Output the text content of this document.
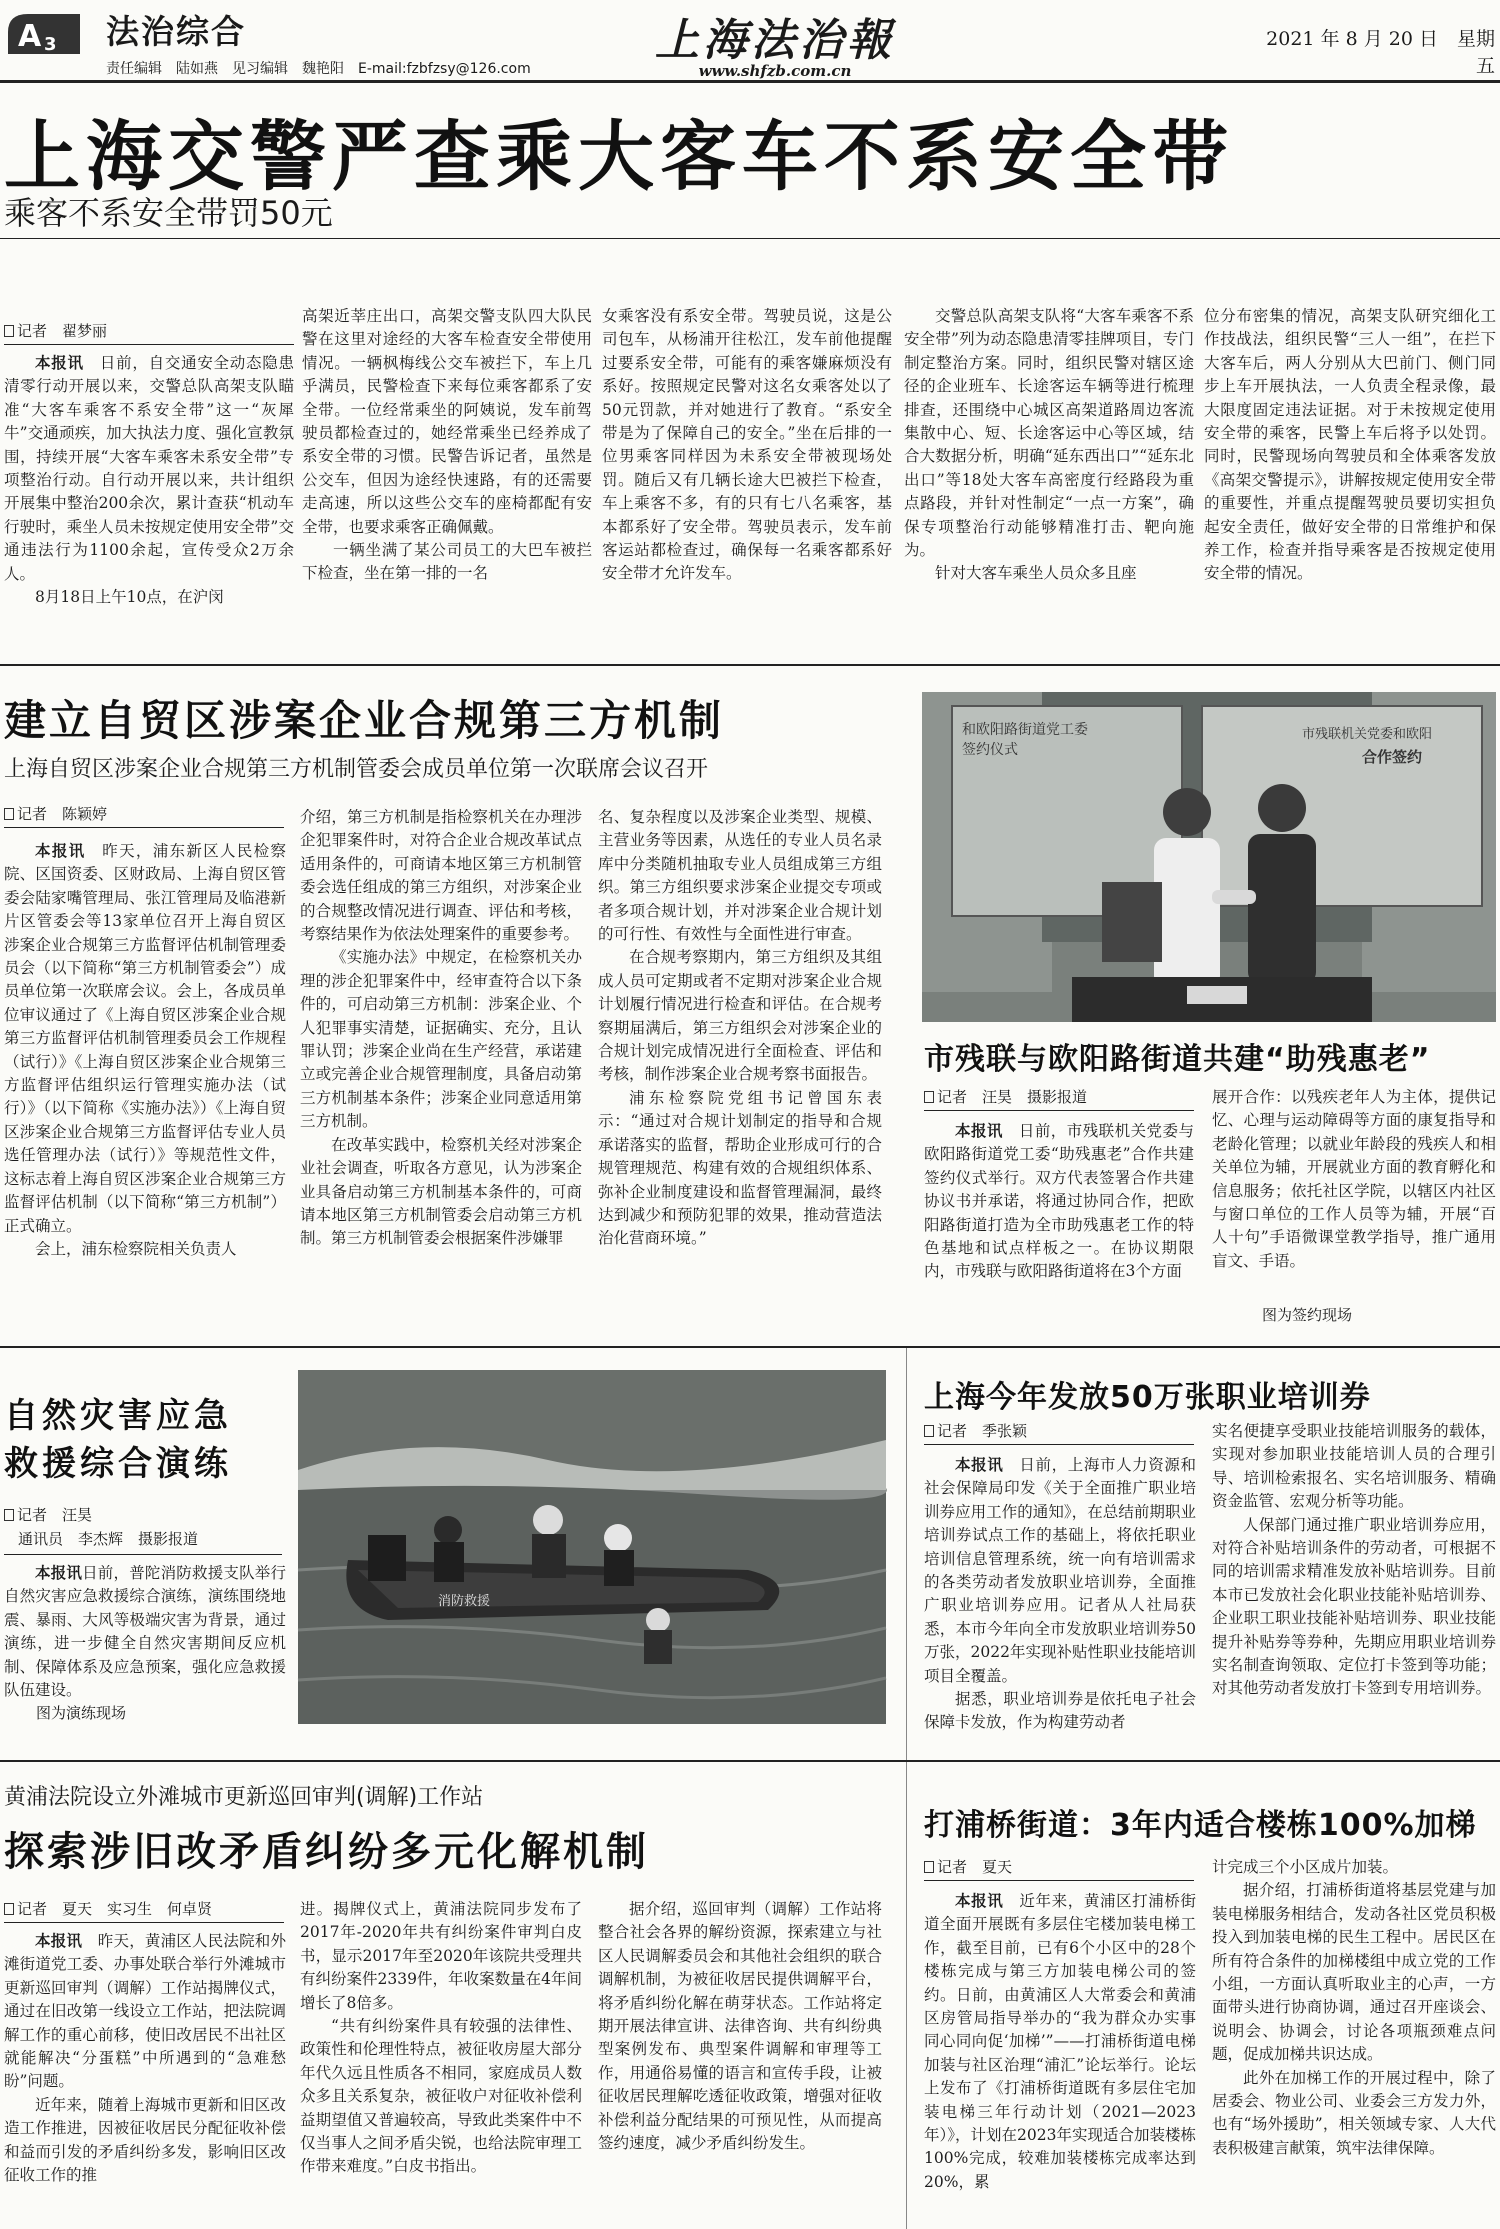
A 3 法治综合
责任编辑　陆如燕　见习编辑　魏艳阳　E-mail:fzbfzsy@126.com
上海法治報
www.shfzb.com.cn
2021 年 8 月 20 日　星期五
上海交警严查乘大客车不系安全带
乘客不系安全带罚50元
记者　翟梦丽

本报讯　日前，自交通安全动态隐患清零行动开展以来，交警总队高架支队瞄准“大客车乘客不系安全带”这一“灰犀牛”交通顽疾，加大执法力度、强化宣教氛围，持续开展“大客车乘客未系安全带”专项整治行动。自行动开展以来，共计组织开展集中整治200余次，累计查获“机动车行驶时，乘坐人员未按规定使用安全带”交通违法行为1100余起，宣传受众2万余人。

8月18日上午10点，在沪闵

高架近莘庄出口，高架交警支队四大队民警在这里对途经的大客车检查安全带使用情况。一辆枫梅线公交车被拦下，车上几乎满员，民警检查下来每位乘客都系了安全带。一位经常乘坐的阿姨说，发车前驾驶员都检查过的，她经常乘坐已经养成了系安全带的习惯。民警告诉记者，虽然是公交车，但因为途经快速路，有的还需要走高速，所以这些公交车的座椅都配有安全带，也要求乘客正确佩戴。

一辆坐满了某公司员工的大巴车被拦下检查，坐在第一排的一名

女乘客没有系安全带。驾驶员说，这是公司包车，从杨浦开往松江，发车前他提醒过要系安全带，可能有的乘客嫌麻烦没有系好。按照规定民警对这名女乘客处以了50元罚款，并对她进行了教育。“系安全带是为了保障自己的安全。”坐在后排的一位男乘客同样因为未系安全带被现场处罚。随后又有几辆长途大巴被拦下检查，车上乘客不多，有的只有七八名乘客，基本都系好了安全带。驾驶员表示，发车前客运站都检查过，确保每一名乘客都系好安全带才允许发车。

交警总队高架支队将“大客车乘客不系安全带”列为动态隐患清零挂牌项目，专门制定整治方案。同时，组织民警对辖区途径的企业班车、长途客运车辆等进行梳理排查，还围绕中心城区高架道路周边客流集散中心、短、长途客运中心等区域，结合大数据分析，明确“延东西出口”“延东北出口”等18处大客车高密度行经路段为重点路段，并针对性制定“一点一方案”，确保专项整治行动能够精准打击、靶向施为。

针对大客车乘坐人员众多且座

位分布密集的情况，高架支队研究细化工作技战法，组织民警“三人一组”，在拦下大客车后，两人分别从大巴前门、侧门同步上车开展执法，一人负责全程录像，最大限度固定违法证据。对于未按规定使用安全带的乘客，民警上车后将予以处罚。同时，民警现场向驾驶员和全体乘客发放《高架交警提示》，讲解按规定使用安全带的重要性，并重点提醒驾驶员要切实担负起安全责任，做好安全带的日常维护和保养工作，检查并指导乘客是否按规定使用安全带的情况。

建立自贸区涉案企业合规第三方机制
上海自贸区涉案企业合规第三方机制管委会成员单位第一次联席会议召开
记者　陈颖婷

本报讯　昨天，浦东新区人民检察院、区国资委、区财政局、上海自贸区管委会陆家嘴管理局、张江管理局及临港新片区管委会等13家单位召开上海自贸区涉案企业合规第三方监督评估机制管理委员会（以下简称“第三方机制管委会”）成员单位第一次联席会议。会上，各成员单位审议通过了《上海自贸区涉案企业合规第三方监督评估机制管理委员会工作规程（试行）》《上海自贸区涉案企业合规第三方监督评估组织运行管理实施办法（试行）》（以下简称《实施办法》）《上海自贸区涉案企业合规第三方监督评估专业人员选任管理办法（试行）》等规范性文件，这标志着上海自贸区涉案企业合规第三方监督评估机制（以下简称“第三方机制”）正式确立。

会上，浦东检察院相关负责人

介绍，第三方机制是指检察机关在办理涉企犯罪案件时，对符合企业合规改革试点适用条件的，可商请本地区第三方机制管委会选任组成的第三方组织，对涉案企业的合规整改情况进行调查、评估和考核，考察结果作为依法处理案件的重要参考。

《实施办法》中规定，在检察机关办理的涉企犯罪案件中，经审查符合以下条件的，可启动第三方机制：涉案企业、个人犯罪事实清楚，证据确实、充分，且认罪认罚；涉案企业尚在生产经营，承诺建立或完善企业合规管理制度，具备启动第三方机制基本条件；涉案企业同意适用第三方机制。

在改革实践中，检察机关经对涉案企业社会调查，听取各方意见，认为涉案企业具备启动第三方机制基本条件的，可商请本地区第三方机制管委会启动第三方机制。第三方机制管委会根据案件涉嫌罪

名、复杂程度以及涉案企业类型、规模、主营业务等因素，从选任的专业人员名录库中分类随机抽取专业人员组成第三方组织。第三方组织要求涉案企业提交专项或者多项合规计划，并对涉案企业合规计划的可行性、有效性与全面性进行审查。

在合规考察期内，第三方组织及其组成人员可定期或者不定期对涉案企业合规计划履行情况进行检查和评估。在合规考察期届满后，第三方组织会对涉案企业的合规计划完成情况进行全面检查、评估和考核，制作涉案企业合规考察书面报告。

浦东检察院党组书记曾国东表示：“通过对合规计划制定的指导和合规承诺落实的监督，帮助企业形成可行的合规管理规范、构建有效的合规组织体系、弥补企业制度建设和监督管理漏洞，最终达到减少和预防犯罪的效果，推动营造法治化营商环境。”

和欧阳路街道党工委
签约仪式
市残联机关党委和欧阳
合作签约
市残联与欧阳路街道共建“助残惠老”
记者　汪昊　摄影报道

本报讯　日前，市残联机关党委与欧阳路街道党工委“助残惠老”合作共建签约仪式举行。双方代表签署合作共建协议书并承诺，将通过协同合作，把欧阳路街道打造为全市助残惠老工作的特色基地和试点样板之一。在协议期限内，市残联与欧阳路街道将在3个方面

展开合作：以残疾老年人为主体，提供记忆、心理与运动障碍等方面的康复指导和老龄化管理；以就业年龄段的残疾人和相关单位为辅，开展就业方面的教育孵化和信息服务；依托社区学院，以辖区内社区与窗口单位的工作人员等为辅，开展“百人十句”手语微课堂教学指导，推广通用盲文、手语。

图为签约现场
自然灾害应急
救援综合演练
记者　汪昊
通讯员　李杰辉　摄影报道

本报讯日前，普陀消防救援支队举行自然灾害应急救援综合演练，演练围绕地震、暴雨、大风等极端灾害为背景，通过演练，进一步健全自然灾害期间反应机制、保障体系及应急预案，强化应急救援队伍建设。

图为演练现场
消防救援
上海今年发放50万张职业培训券
记者　季张颖

本报讯　日前，上海市人力资源和社会保障局印发《关于全面推广职业培训券应用工作的通知》，在总结前期职业培训券试点工作的基础上，将依托职业培训信息管理系统，统一向有培训需求的各类劳动者发放职业培训券，全面推广职业培训券应用。记者从人社局获悉，本市今年向全市发放职业培训券50万张，2022年实现补贴性职业技能培训项目全覆盖。

据悉，职业培训券是依托电子社会保障卡发放，作为构建劳动者

实名便捷享受职业技能培训服务的载体，实现对参加职业技能培训人员的合理引导、培训检索报名、实名培训服务、精确资金监管、宏观分析等功能。

人保部门通过推广职业培训券应用，对符合补贴培训条件的劳动者，可根据不同的培训需求精准发放补贴培训券。目前本市已发放社会化职业技能补贴培训券、企业职工职业技能补贴培训券、职业技能提升补贴券等券种，先期应用职业培训券实名制查询领取、定位打卡签到等功能；对其他劳动者发放打卡签到专用培训券。

黄浦法院设立外滩城市更新巡回审判(调解)工作站
探索涉旧改矛盾纠纷多元化解机制
记者　夏天　实习生　何卓贤

本报讯　昨天，黄浦区人民法院和外滩街道党工委、办事处联合举行外滩城市更新巡回审判（调解）工作站揭牌仪式，通过在旧改第一线设立工作站，把法院调解工作的重心前移，使旧改居民不出社区就能解决“分蛋糕”中所遇到的“急难愁盼”问题。

近年来，随着上海城市更新和旧区改造工作推进，因被征收居民分配征收补偿和益而引发的矛盾纠纷多发，影响旧区改征收工作的推

进。揭牌仪式上，黄浦法院同步发布了2017年-2020年共有纠纷案件审判白皮书，显示2017年至2020年该院共受理共有纠纷案件2339件，年收案数量在4年间增长了8倍多。

“共有纠纷案件具有较强的法律性、政策性和伦理性特点，被征收房屋大部分年代久远且性质各不相同，家庭成员人数众多且关系复杂，被征收户对征收补偿利益期望值又普遍较高，导致此类案件中不仅当事人之间矛盾尖锐，也给法院审理工作带来难度。”白皮书指出。

据介绍，巡回审判（调解）工作站将整合社会各界的解纷资源，探索建立与社区人民调解委员会和其他社会组织的联合调解机制，为被征收居民提供调解平台，将矛盾纠纷化解在萌芽状态。工作站将定期开展法律宣讲、法律咨询、共有纠纷典型案例发布、典型案件调解和审理等工作，用通俗易懂的语言和宣传手段，让被征收居民理解吃透征收政策，增强对征收补偿利益分配结果的可预见性，从而提高签约速度，减少矛盾纠纷发生。

打浦桥街道：3年内适合楼栋100%加梯
记者　夏天

本报讯　近年来，黄浦区打浦桥街道全面开展既有多层住宅楼加装电梯工作，截至目前，已有6个小区中的28个楼栋完成与第三方加装电梯公司的签约。日前，由黄浦区人大常委会和黄浦区房管局指导举办的“我为群众办实事　同心同向促‘加梯’”——打浦桥街道电梯加装与社区治理“浦汇”论坛举行。论坛上发布了《打浦桥街道既有多层住宅加装电梯三年行动计划（2021—2023年）》，计划在2023年实现适合加装楼栋100%完成，较难加装楼栋完成率达到20%，累

计完成三个小区成片加装。

据介绍，打浦桥街道将基层党建与加装电梯服务相结合，发动各社区党员积极投入到加装电梯的民生工程中。居民区在所有符合条件的加梯楼组中成立党的工作小组，一方面认真听取业主的心声，一方面带头进行协商协调，通过召开座谈会、说明会、协调会，讨论各项瓶颈难点问题，促成加梯共识达成。

此外在加梯工作的开展过程中，除了居委会、物业公司、业委会三方发力外，也有“场外援助”，相关领域专家、人大代表积极建言献策，筑牢法律保障。
